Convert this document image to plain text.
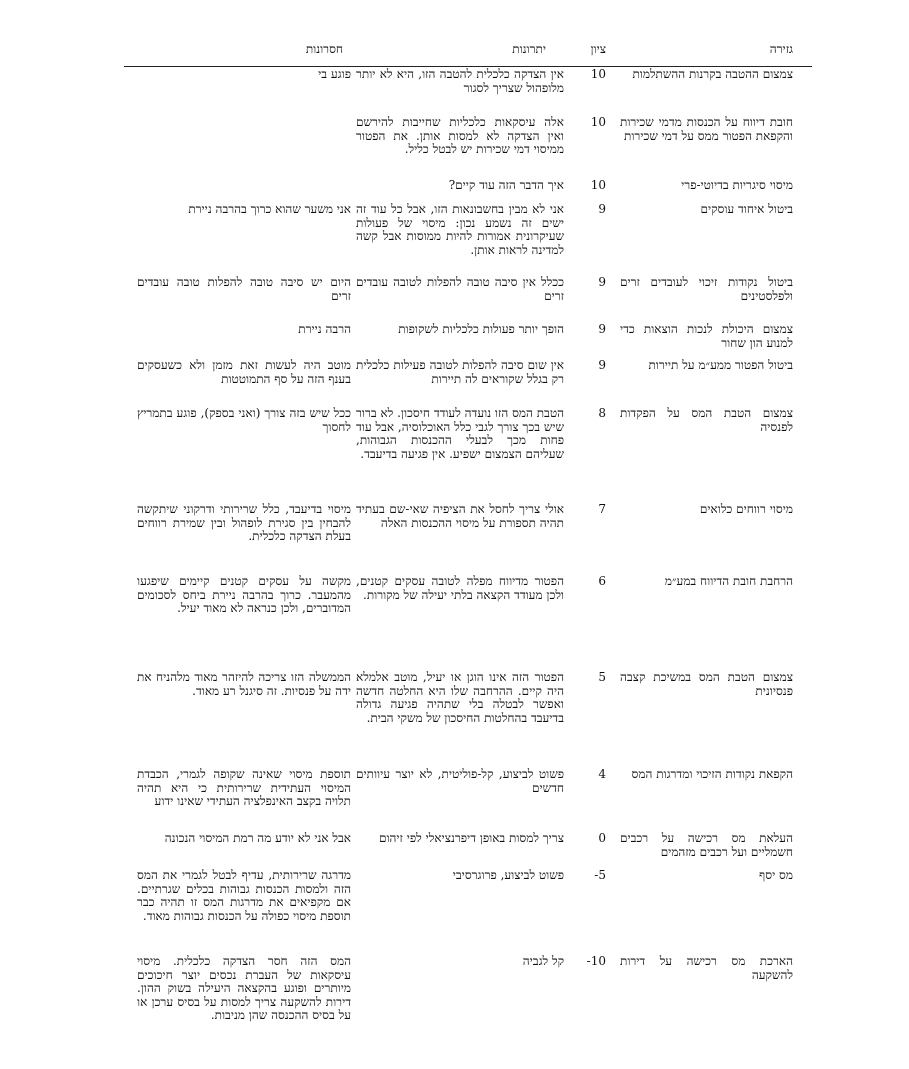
גזירה
ציון
יתרונות
חסרונות
צמצום ההטבה בקרנות ההשתלמות
10
אין הצדקה כלכלית להטבה הזו, היא לא יותר מלופהול שצריך לסגור
פוגע בי
חובת דיווח על הכנסות מדמי שכירות והקפאת הפטור ממס על דמי שכירות
10
אלה עיסקאות כלכליות שחייבות להירשם ואין הצדקה לא למסות אותן. את הפטור ממיסוי דמי שכירות יש לבטל כליל.
מיסוי סיגריות בדיוטי-פרי
10
איך הדבר הזה עוד קיים?
ביטול איחוד עוסקים
9
אני לא מבין בחשבונאות הזו, אבל כל עוד זה ישים זה נשמע נכון: מיסוי של פעולות שעיקרונית אמורות להיות ממוסות אבל קשה למדינה לראות אותן.
אני משער שהוא כרוך בהרבה ניירת
ביטול נקודות זיכוי לעובדים זרים ולפלסטינים
9
ככלל אין סיבה טובה להפלות לטובה עובדים זרים
היום יש סיבה טובה להפלות טובה עובדים זרים
צמצום היכולת לנכות הוצאות כדי למנוע הון שחור
9
הופך יותר פעולות כלכליות לשקופות
הרבה ניירת
ביטול הפטור ממע״מ על תיירות
9
אין שום סיבה להפלות לטובה פעילות כלכלית רק בגלל שקוראים לה תיירות
מוטב היה לעשות זאת מזמן ולא כשעסקים בענף הזה על סף התמוטטות
צמצום הטבת המס על הפקדות לפנסיה
8
הטבת המס הזו נועדה לעודד חיסכון. לא ברור שיש בכך צורך לגבי כלל האוכלוסיה, אבל עוד פחות מכך לבעלי ההכנסות הגבוהות, שעליהם הצמצום ישפיע. אין פגיעה בדיעבד.
ככל שיש בזה צורך (ואני בספק), פוגע בתמריץ לחסוך
מיסוי רווחים כלואים
7
אולי צריך לחסל את הציפיה שאי-שם בעתיד תהיה תספורת על מיסוי ההכנסות האלה
מיסוי בדיעבד, כלל שרירותי ודרקוני שיתקשה להבחין בין סגירת לופהול ובין שמירת רווחים בעלת הצדקה כלכלית.
הרחבת חובת הדיווח במע״מ
6
הפטור מדיווח מפלה לטובה עסקים קטנים, ולכן מעודד הקצאה בלתי יעילה של מקורות.
מקשה על עסקים קטנים קיימים שיפגעו מהמעבר. כרוך בהרבה ניירת ביחס לסכומים המדוברים, ולכן כנראה לא מאוד יעיל.
צמצום הטבת המס במשיכת קצבה פנסיונית
5
הפטור הזה אינו הוגן או יעיל, מוטב אלמלא היה קיים. ההרחבה שלו היא החלטה חדשה ואפשר לבטלה בלי שתהיה פגיעה גדולה בדיעבד בהחלטות החיסכון של משקי הבית.
הממשלה הזו צריכה להיזהר מאוד מלהניח את ידה על פנסיות. זה סיגנל רע מאוד.
הקפאת נקודות הזיכוי ומדרגות המס
4
פשוט לביצוע, קל-פוליטית, לא יוצר עיוותים חדשים
תוספת מיסוי שאינה שקופה לגמרי, הכבדת המיסוי העתידית שרירותית כי היא תהיה תלויה בקצב האינפלציה העתידי שאינו ידוע
העלאת מס רכישה על רכבים חשמליים ועל רכבים מזהמים
0
צריך למסות באופן דיפרנציאלי לפי זיהום
אבל אני לא יודע מה רמת המיסוי הנכונה
מס יסף
-5
פשוט לביצוע, פרוגרסיבי
מדרגה שרירותית, עדיף לבטל לגמרי את המס הזה ולמסות הכנסות גבוהות בכלים שגרתיים. אם מקפיאים את מדרגות המס זו תהיה כבר תוספת מיסוי כפולה על הכנסות גבוהות מאוד.
הארכת מס רכישה על דירות להשקעה
-10
קל לגביה
המס הזה חסר הצדקה כלכלית. מיסוי עיסקאות של העברת נכסים יוצר חיכוכים מיותרים ופוגע בהקצאה היעילה בשוק ההון. דירות להשקעה צריך למסות על בסיס ערכן או על בסיס ההכנסה שהן מניבות.
